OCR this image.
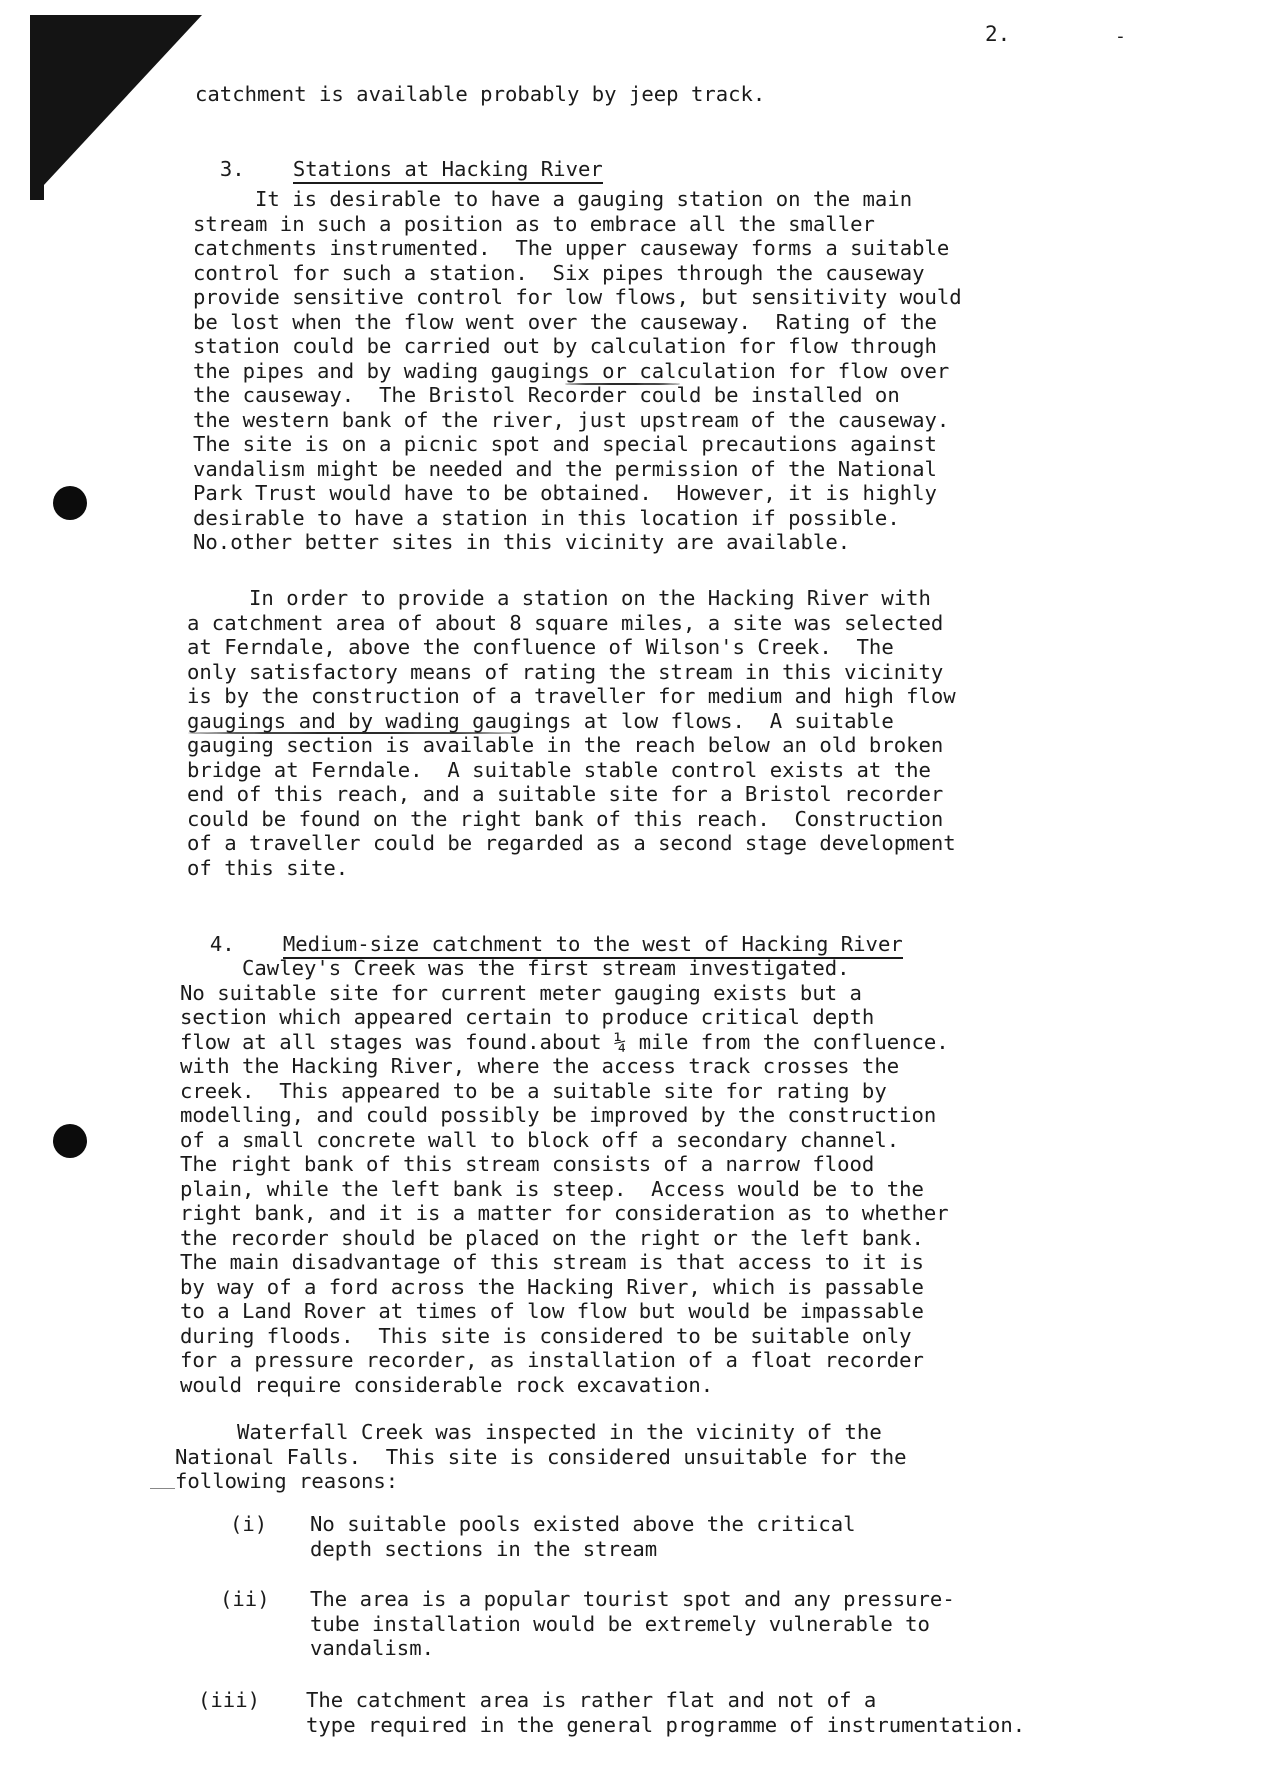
2.	-
catchment is available probably by jeep track.

3. Stations at Hacking River

It is desirable to have a gauging station on the main
stream in such a position as to embrace all the smaller
catchments instrumented.  The upper causeway forms a suitable
control for such a station.  Six pipes through the causeway
provide sensitive control for low flows, but sensitivity would
be lost when the flow went over the causeway.  Rating of the
station could be carried out by calculation for flow through
the pipes and by wading gaugings or calculation for flow over
the causeway.  The Bristol Recorder could be installed on
the western bank of the river, just upstream of the causeway.
The site is on a picnic spot and special precautions against
vandalism might be needed and the permission of the National
Park Trust would have to be obtained.  However, it is highly
desirable to have a station in this location if possible.
No.other better sites in this vicinity are available.
In order to provide a station on the Hacking River with
a catchment area of about 8 square miles, a site was selected
at Ferndale, above the confluence of Wilson's Creek.  The
only satisfactory means of rating the stream in this vicinity
is by the construction of a traveller for medium and high flow
gaugings and by wading gaugings at low flows.  A suitable
gauging section is available in the reach below an old broken
bridge at Ferndale.  A suitable stable control exists at the
end of this reach, and a suitable site for a Bristol recorder
could be found on the right bank of this reach.  Construction
of a traveller could be regarded as a second stage development
of this site.

4. Medium-size catchment to the west of Hacking River

Cawley's Creek was the first stream investigated.
No suitable site for current meter gauging exists but a
section which appeared certain to produce critical depth
flow at all stages was found.about ¼ mile from the confluence.
with the Hacking River, where the access track crosses the
creek.  This appeared to be a suitable site for rating by
modelling, and could possibly be improved by the construction
of a small concrete wall to block off a secondary channel.
The right bank of this stream consists of a narrow flood
plain, while the left bank is steep.  Access would be to the
right bank, and it is a matter for consideration as to whether
the recorder should be placed on the right or the left bank.
The main disadvantage of this stream is that access to it is
by way of a ford across the Hacking River, which is passable
to a Land Rover at times of low flow but would be impassable
during floods.  This site is considered to be suitable only
for a pressure recorder, as installation of a float recorder
would require considerable rock excavation.
Waterfall Creek was inspected in the vicinity of the
National Falls.  This site is considered unsuitable for the
following reasons:
(i) No suitable pools existed above the critical
depth sections in the stream
(ii) The area is a popular tourist spot and any pressure-
tube installation would be extremely vulnerable to
vandalism.
(iii) The catchment area is rather flat and not of a
type required in the general programme of instrumentation.
